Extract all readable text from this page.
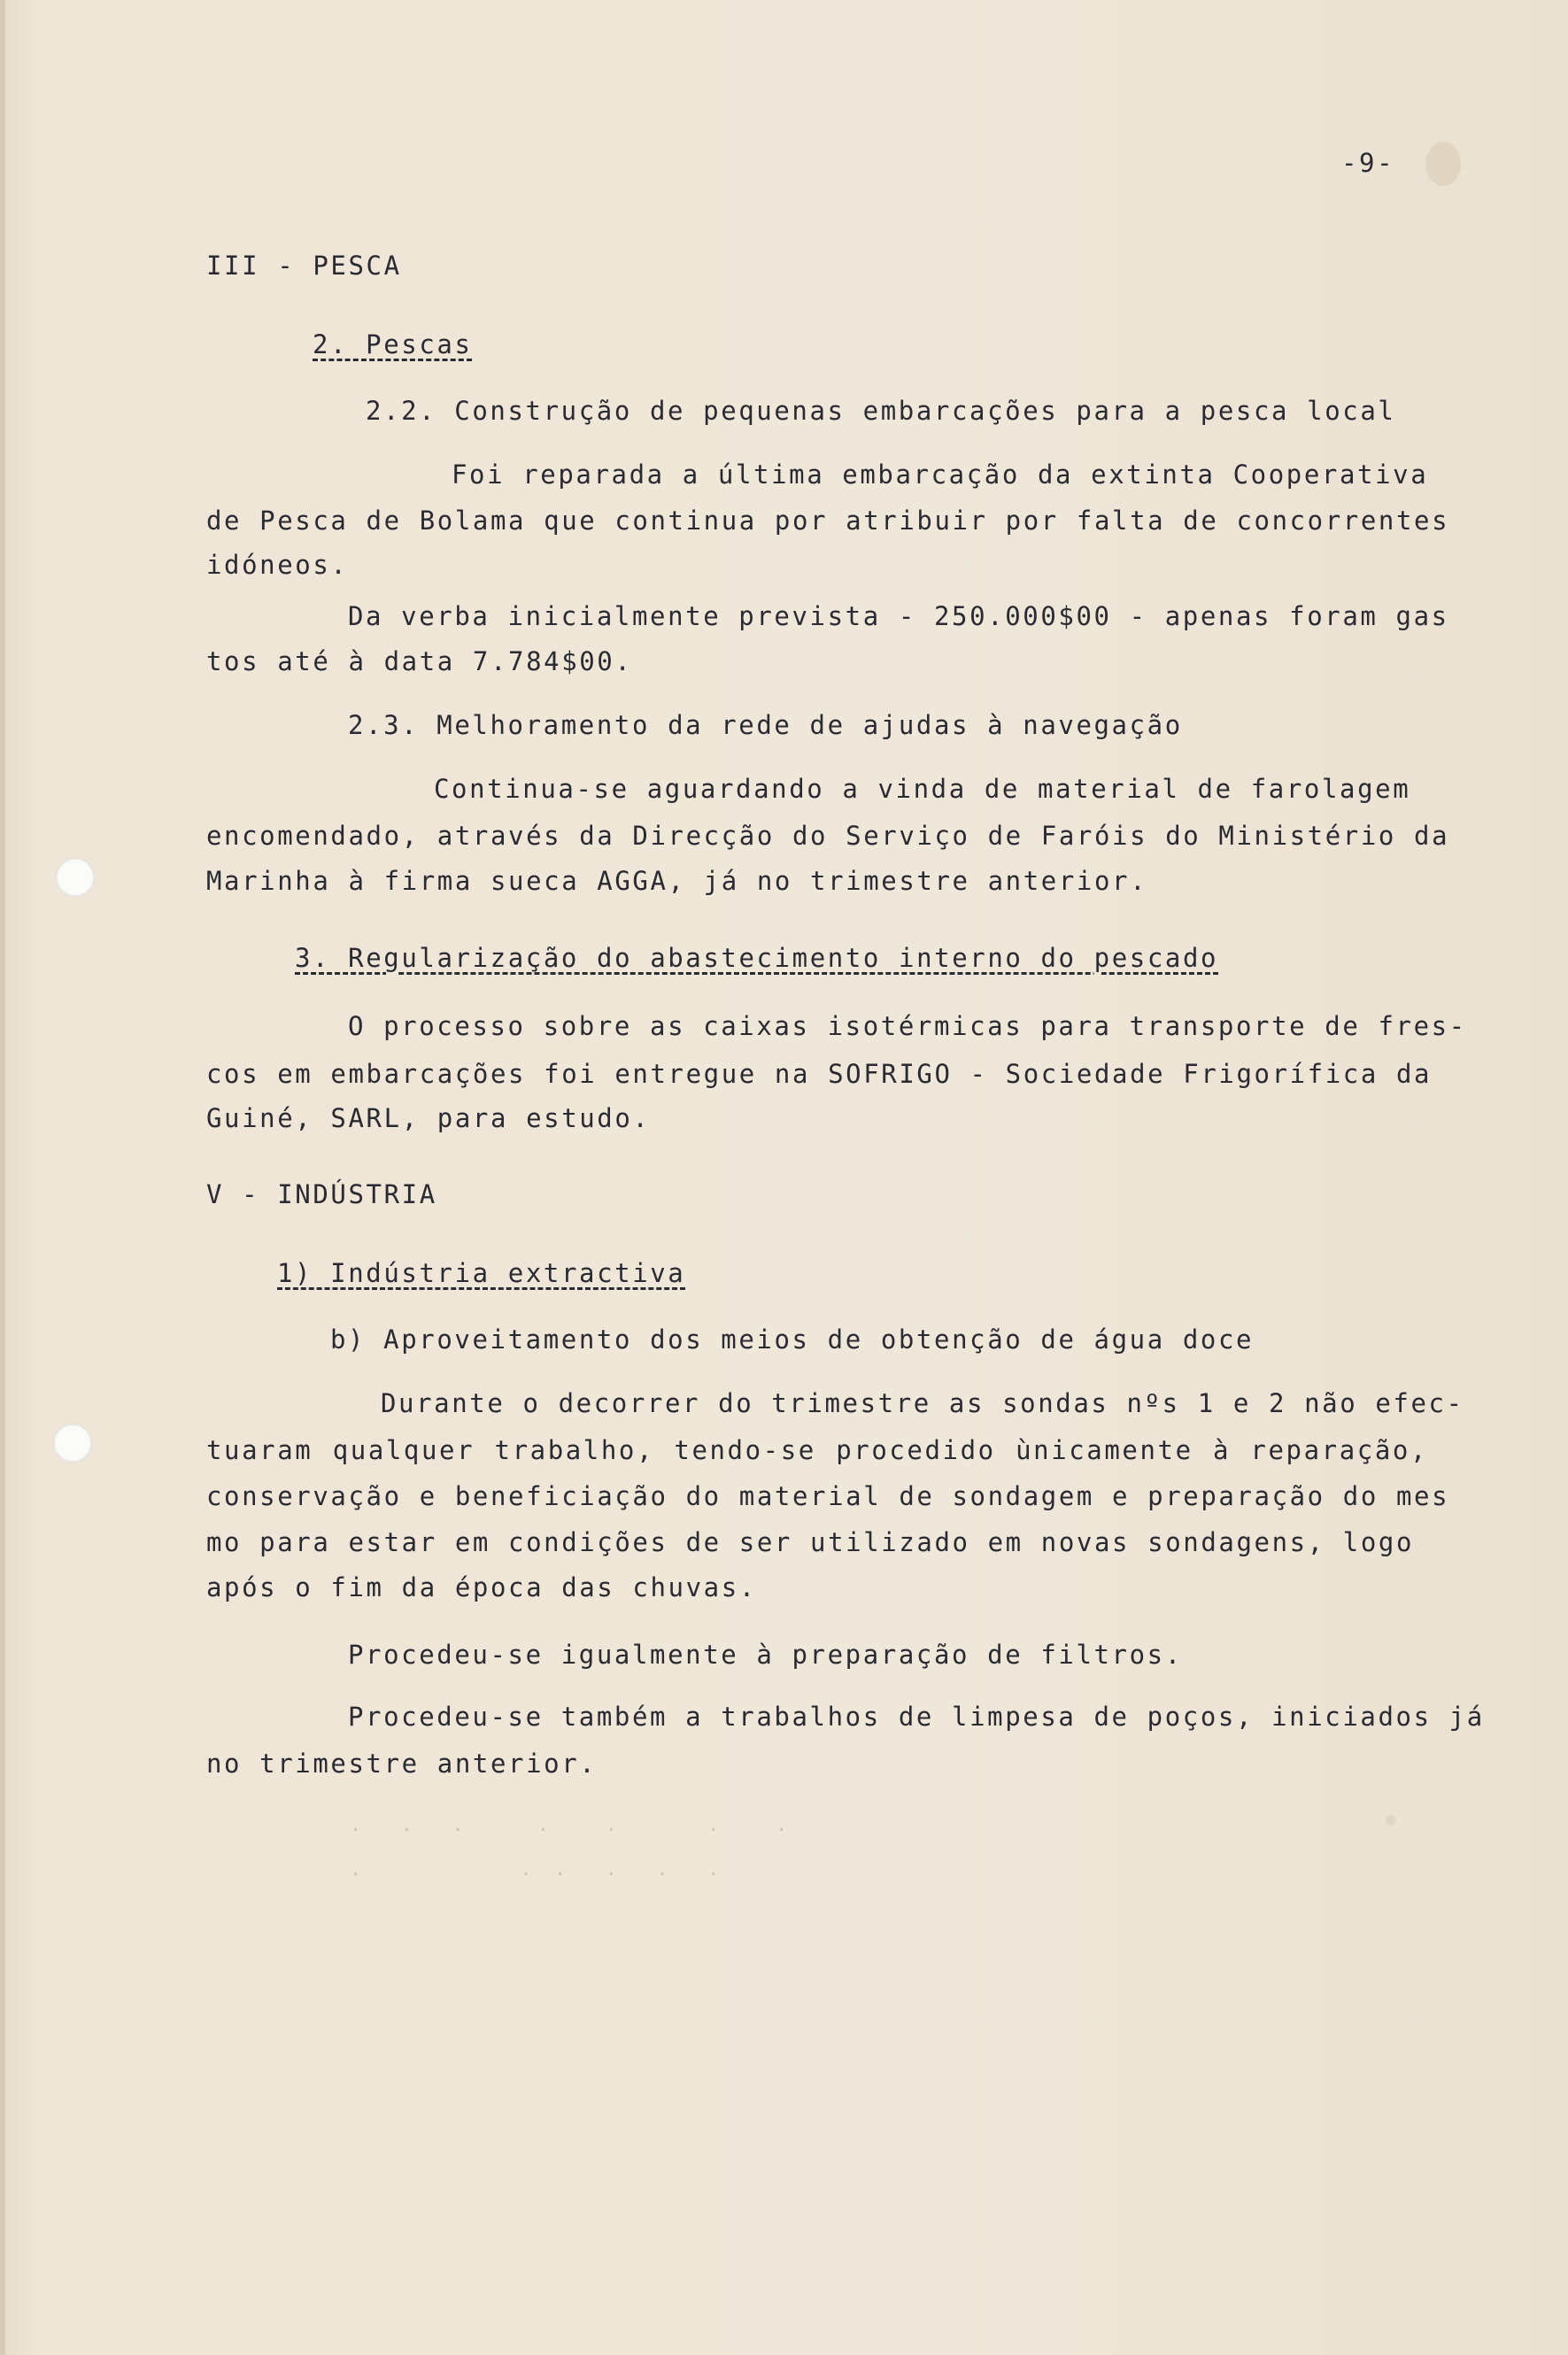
-9-
III - PESCA
2. Pescas
2.2. Construção de pequenas embarcações para a pesca local
Foi reparada a última embarcação da extinta Cooperativa
de Pesca de Bolama que continua por atribuir por falta de concorrentes
idóneos.
Da verba inicialmente prevista - 250.000$00 - apenas foram gas
tos até à data 7.784$00.
2.3. Melhoramento da rede de ajudas à navegação
Continua-se aguardando a vinda de material de farolagem
encomendado, através da Direcção do Serviço de Faróis do Ministério da
Marinha à firma sueca AGGA, já no trimestre anterior.
3. Regularização do abastecimento interno do pescado
O processo sobre as caixas isotérmicas para transporte de fres-
cos em embarcações foi entregue na SOFRIGO - Sociedade Frigorífica da
Guiné, SARL, para estudo.
V - INDÚSTRIA
1) Indústria extractiva
b) Aproveitamento dos meios de obtenção de água doce
Durante o decorrer do trimestre as sondas nºs 1 e 2 não efec-
tuaram qualquer trabalho, tendo-se procedido ùnicamente à reparação,
conservação e beneficiação do material de sondagem e preparação do mes
mo para estar em condições de ser utilizado em novas sondagens, logo
após o fim da época das chuvas.
Procedeu-se igualmente à preparação de filtros.
Procedeu-se também a trabalhos de limpesa de poços, iniciados já
no trimestre anterior.
·  ·  ·    ·   ·     ·   ·
·         · ·  ·  ·  ·
